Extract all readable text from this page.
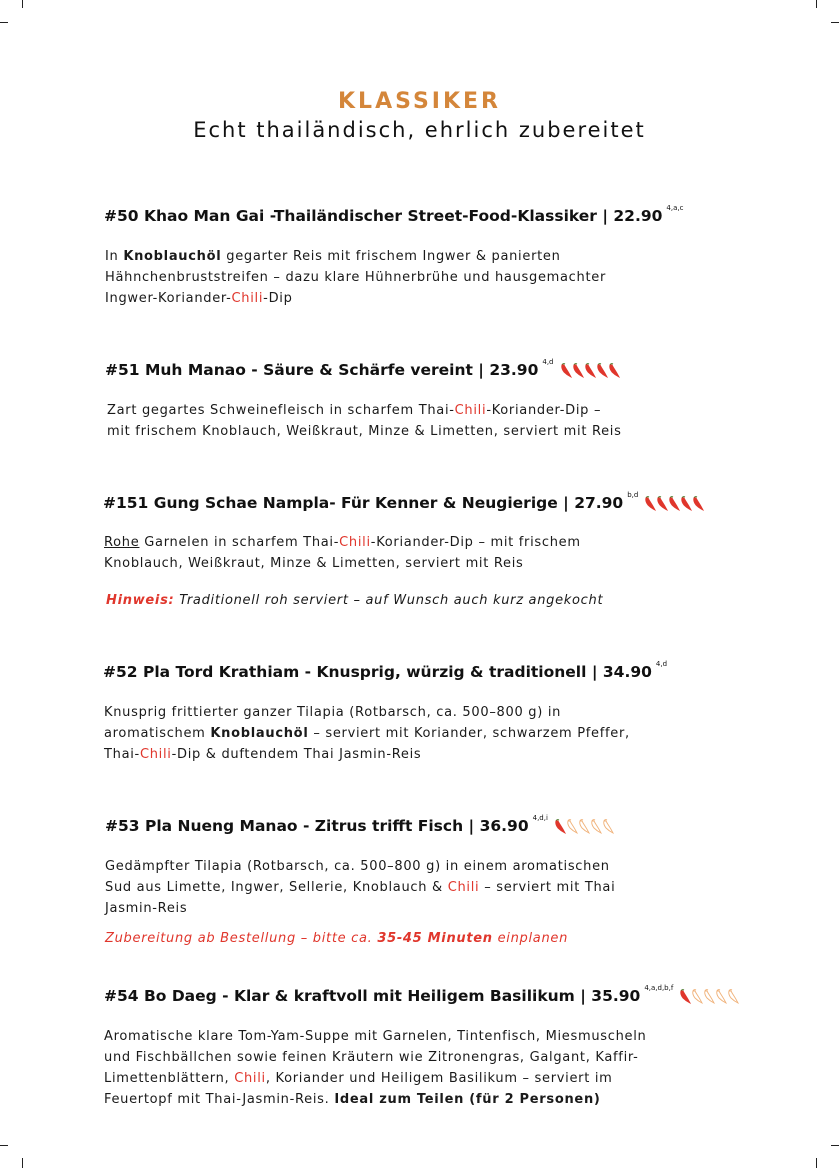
KLASSIKER
Echt thailändisch, ehrlich zubereitet
#50 Khao Man Gai -Thailändischer Street-Food-Klassiker | 22.90 $^{4,a,c}$
In Knoblauchöl gegarter Reis mit frischem Ingwer & panierten
Hähnchenbruststreifen – dazu klare Hühnerbrühe und hausgemachter
Ingwer-Koriander-Chili-Dip
#51 Muh Manao - Säure & Schärfe vereint | 23.90 $^{4,d}$
Zart gegartes Schweinefleisch in scharfem Thai-Chili-Koriander-Dip –
mit frischem Knoblauch, Weißkraut, Minze & Limetten, serviert mit Reis
#151 Gung Schae Nampla- Für Kenner & Neugierige | 27.90 $^{b,d}$
Rohe Garnelen in scharfem Thai-Chili-Koriander-Dip – mit frischem
Knoblauch, Weißkraut, Minze & Limetten, serviert mit Reis
Hinweis: Traditionell roh serviert – auf Wunsch auch kurz angekocht
#52 Pla Tord Krathiam - Knusprig, würzig & traditionell | 34.90 $^{4,d}$
Knusprig frittierter ganzer Tilapia (Rotbarsch, ca. 500–800 g) in
aromatischem Knoblauchöl – serviert mit Koriander, schwarzem Pfeffer,
Thai-Chili-Dip & duftendem Thai Jasmin-Reis
#53 Pla Nueng Manao - Zitrus trifft Fisch | 36.90 $^{4,d,i}$
Gedämpfter Tilapia (Rotbarsch, ca. 500–800 g) in einem aromatischen
Sud aus Limette, Ingwer, Sellerie, Knoblauch & Chili – serviert mit Thai
Jasmin-Reis
Zubereitung ab Bestellung – bitte ca. 35-45 Minuten einplanen
#54 Bo Daeg - Klar & kraftvoll mit Heiligem Basilikum | 35.90 $^{4,a,d,b,f}$
Aromatische klare Tom-Yam-Suppe mit Garnelen, Tintenfisch, Miesmuscheln
und Fischbällchen sowie feinen Kräutern wie Zitronengras, Galgant, Kaffir-
Limettenblättern, Chili, Koriander und Heiligem Basilikum – serviert im
Feuertopf mit Thai-Jasmin-Reis. Ideal zum Teilen (für 2 Personen)
